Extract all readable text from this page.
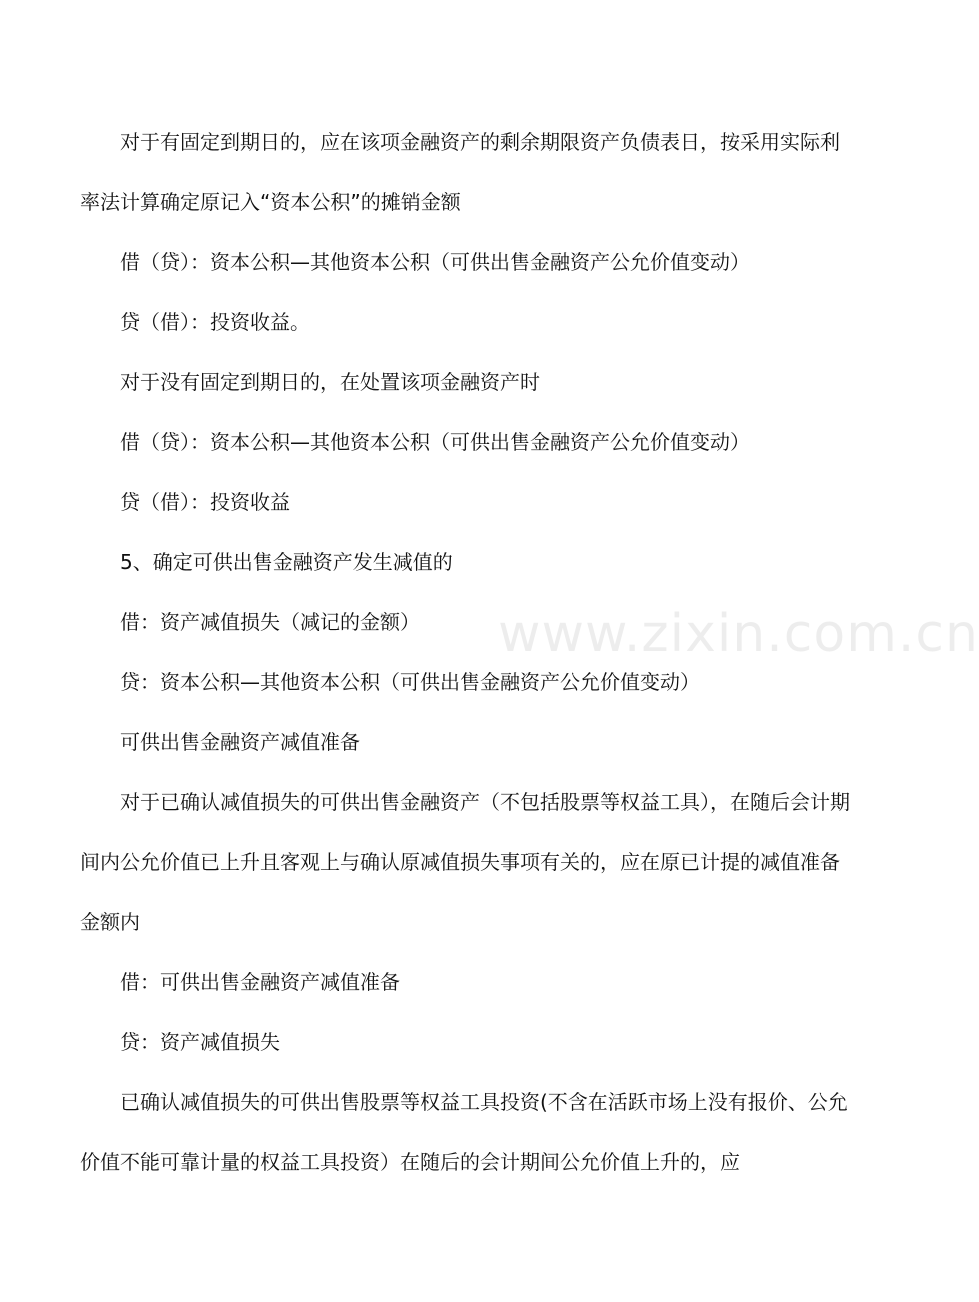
对于有固定到期日的，应在该项金融资产的剩余期限资产负债表日，按采用实际利率法计算确定原记入“资本公积”的摊销金额

借（贷）：资本公积—其他资本公积（可供出售金融资产公允价值变动）

贷（借）：投资收益。

对于没有固定到期日的，在处置该项金融资产时

借（贷）：资本公积—其他资本公积（可供出售金融资产公允价值变动）

贷（借）：投资收益

5、确定可供出售金融资产发生减值的

借：资产减值损失（减记的金额）

贷：资本公积—其他资本公积（可供出售金融资产公允价值变动）

可供出售金融资产减值准备

对于已确认减值损失的可供出售金融资产（不包括股票等权益工具），在随后会计期间内公允价值已上升且客观上与确认原减值损失事项有关的，应在原已计提的减值准备金额内

借：可供出售金融资产减值准备

贷：资产减值损失

已确认减值损失的可供出售股票等权益工具投资(不含在活跃市场上没有报价、公允价值不能可靠计量的权益工具投资）在随后的会计期间公允价值上升的，应

www.zixin.com.cn
